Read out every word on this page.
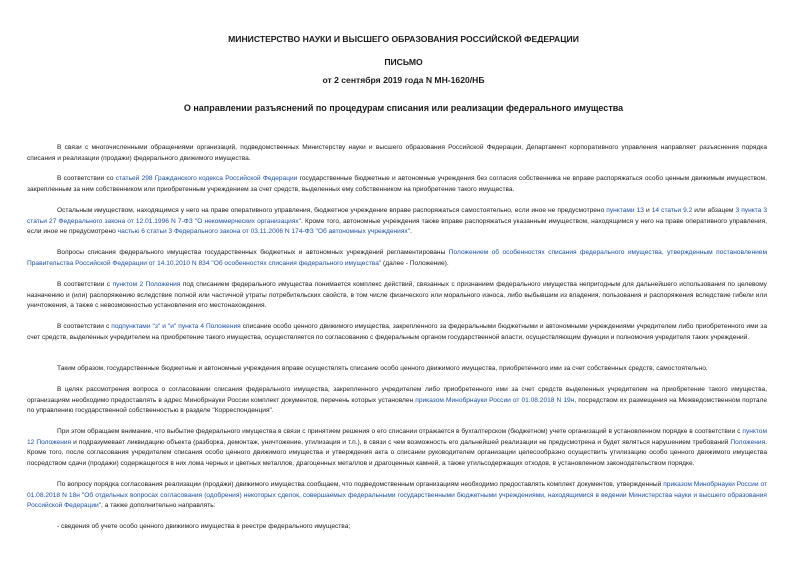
МИНИСТЕРСТВО НАУКИ И ВЫСШЕГО ОБРАЗОВАНИЯ РОССИЙСКОЙ ФЕДЕРАЦИИ
ПИСЬМО
от 2 сентября 2019 года N МН-1620/НБ
О направлении разъяснений по процедурам списания или реализации федерального имущества

В связи с многочисленными обращениями организаций, подведомственных Министерству науки и высшего образования Российской Федерации, Департамент корпоративного управления направляет разъяснения порядка списания и реализации (продажи) федерального движимого имущества.

В соответствии со статьей 298 Гражданского кодекса Российской Федерации государственные бюджетные и автономные учреждения без согласия собственника не вправе распоряжаться особо ценным движимым имуществом, закрепленным за ним собственником или приобретенным учреждением за счет средств, выделенных ему собственником на приобретение такого имущества.

Остальным имуществом, находящимся у него на праве оперативного управления, бюджетное учреждение вправе распоряжаться самостоятельно, если иное не предусмотрено пунктами 13 и 14 статьи 9.2 или абзацем 3 пункта 3 статьи 27 Федерального закона от 12.01.1996 N 7-ФЗ "О некоммерческих организациях". Кроме того, автономные учреждения также вправе распоряжаться указанным имуществом, находящимся у него на праве оперативного управления, если иное не предусмотрено частью 6 статьи 3 Федерального закона от 03.11.2006 N 174-ФЗ "Об автономных учреждениях".

Вопросы списания федерального имущества государственных бюджетных и автономных учреждений регламентированы Положением об особенностях списания федерального имущества, утвержденным постановлением Правительства Российской Федерации от 14.10.2010 N 834 "Об особенностях списания федерального имущества" (далее - Положение).

В соответствии с пунктом 2 Положения под списанием федерального имущества понимается комплекс действий, связанных с признанием федерального имущества непригодным для дальнейшего использования по целевому назначению и (или) распоряжению вследствие полной или частичной утраты потребительских свойств, в том числе физического или морального износа, либо выбывшим из владения, пользования и распоряжения вследствие гибели или уничтожения, а также с невозможностью установления его местонахождения.

В соответствии с подпунктами "з" и "и" пункта 4 Положения списание особо ценного движимого имущества, закрепленного за федеральными бюджетными и автономными учреждениями учредителем либо приобретенного ими за счет средств, выделенных учредителем на приобретение такого имущества, осуществляется по согласованию с федеральным органом государственной власти, осуществляющим функции и полномочия учредителя таких учреждений.

Таким образом, государственные бюджетные и автономные учреждения вправе осуществлять списание особо ценного движимого имущества, приобретенного ими за счет собственных средств, самостоятельно.

В целях рассмотрения вопроса о согласовании списания федерального имущества, закрепленного учредителем либо приобретенного ими за счет средств выделенных учредителем на приобретение такого имущества, организациям необходимо предоставлять в адрес Минобрнауки России комплект документов, перечень которых установлен приказом Минобрнауки России от 01.08.2018 N 19н, посредством их размещения на Межведомственном портале по управлению государственной собственностью в разделе "Корреспонденция".

При этом обращаем внимание, что выбытие федерального имущества в связи с принятием решения о его списании отражается в бухгалтерском (бюджетном) учете организаций в установленном порядке в соответствии с пунктом 12 Положения и подразумевает ликвидацию объекта (разборка, демонтаж, уничтожение, утилизация и т.п.), в связи с чем возможность его дальнейшей реализации не предусмотрена и будет являться нарушением требований Положения. Кроме того, после согласования учредителем списания особо ценного движимого имущества и утверждения акта о списании руководителем организации целесообразно осуществить утилизацию особо ценного движимого имущества посредством сдачи (продажи) содержащегося в них лома черных и цветных металлов, драгоценных металлов и драгоценных камней, а также утильсодержащих отходов, в установленном законодательством порядке.

По вопросу порядка согласования реализации (продажи) движимого имущества сообщаем, что подведомственным организациям необходимо предоставлять комплект документов, утвержденный приказом Минобрнауки России от 01.08.2018 N 18н "Об отдельных вопросах согласования (одобрения) некоторых сделок, совершаемых федеральными государственными бюджетными учреждениями, находящимися в ведении Министерства науки и высшего образования Российской Федерации", а также дополнительно направлять:

- сведения об учете особо ценного движимого имущества в реестре федерального имущества;
